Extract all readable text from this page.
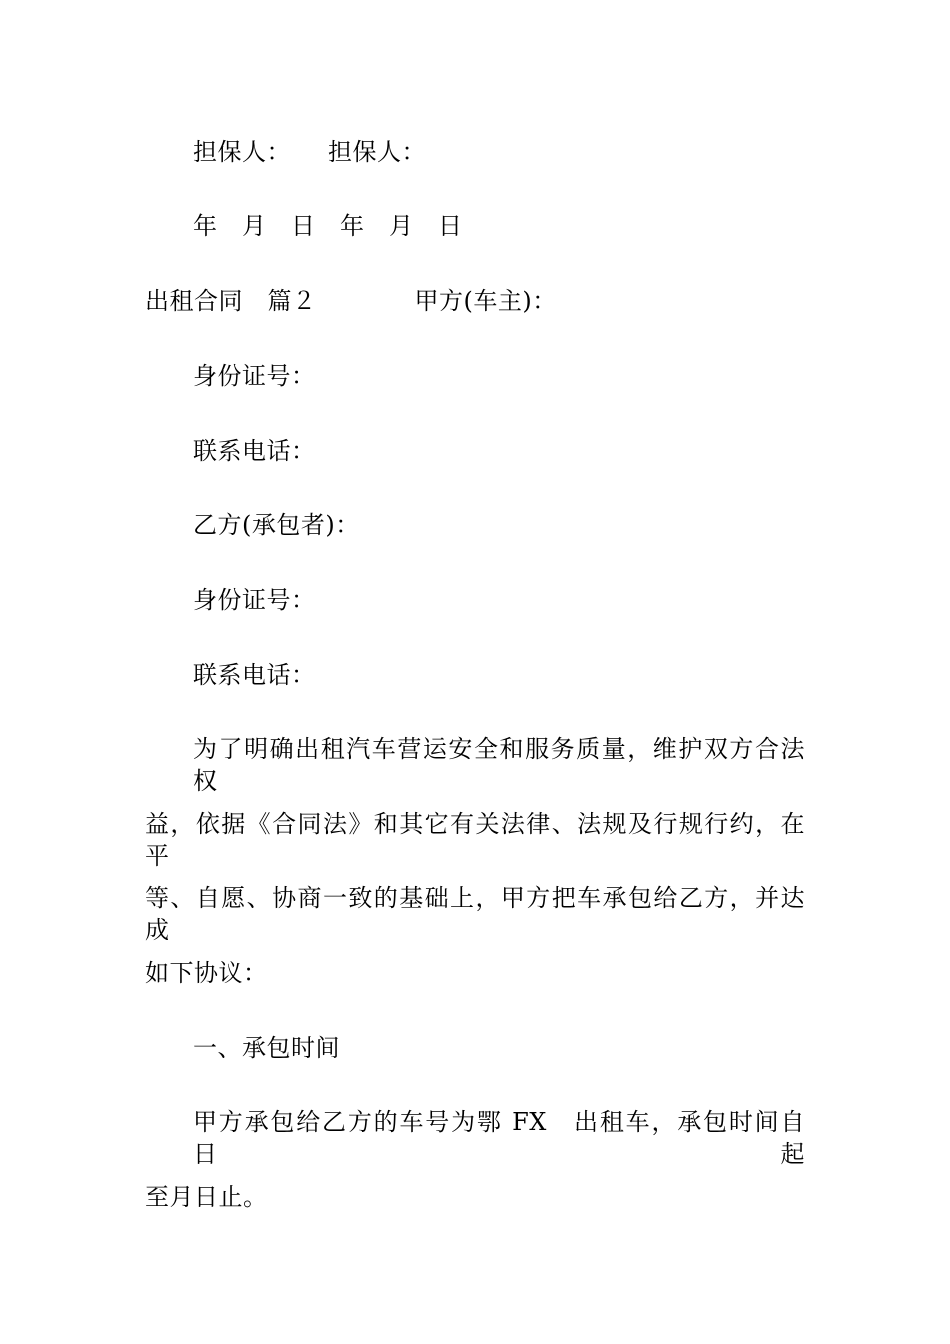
担保人：　　担保人：
年　月　日　年　月　日
出租合同　篇２　　　　甲方(车主)：
身份证号：
联系电话：
乙方(承包者)：
身份证号：
联系电话：
为了明确出租汽车营运安全和服务质量，维护双方合法权
益，依据《合同法》和其它有关法律、法规及行规行约，在平
等、自愿、协商一致的基础上，甲方把车承包给乙方，并达成
如下协议：
一、承包时间
甲方承包给乙方的车号为鄂 FX　出租车，承包时间自　日起
至月日止。
